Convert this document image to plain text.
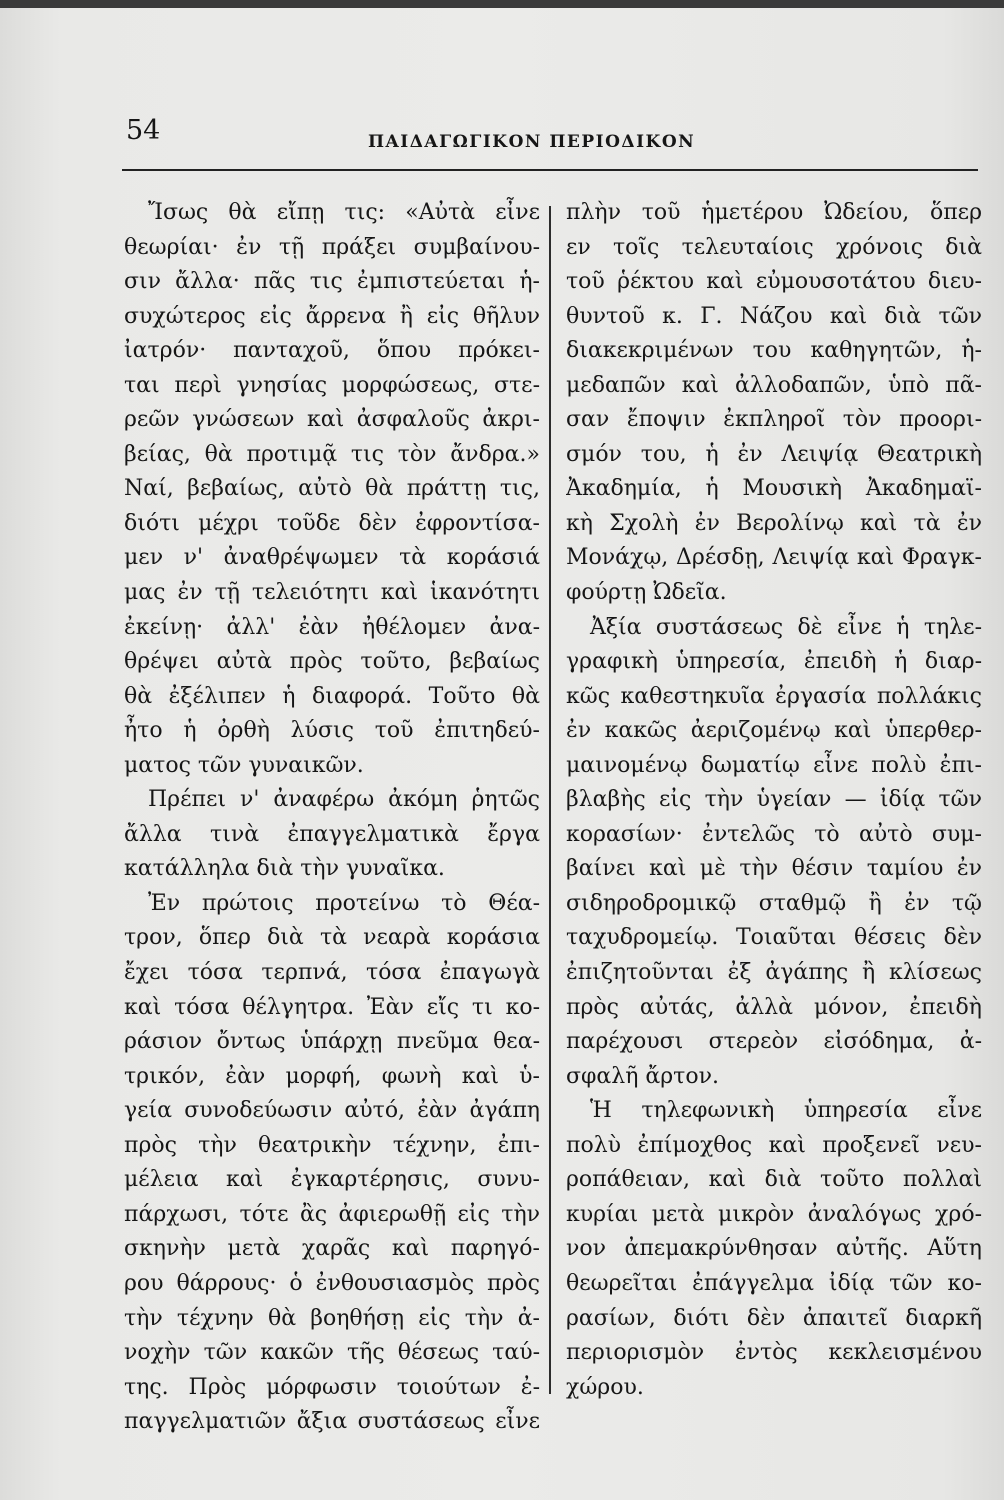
54	ΠΑΙΔΑΓΩΓΙΚΟΝ ΠΕΡΙΟΔΙΚΟΝ
Ἴσως θὰ εἴπῃ τις: «Αὐτὰ εἶνε
θεωρίαι· ἐν τῇ πράξει συμβαίνου-
σιν ἄλλα· πᾶς τις ἐμπιστεύεται ἡ-
συχώτερος εἰς ἄρρενα ἢ εἰς θῆλυν
ἰατρόν· πανταχοῦ, ὅπου πρόκει-
ται περὶ γνησίας μορφώσεως, στε-
ρεῶν γνώσεων καὶ ἀσφαλοῦς ἀκρι-
βείας, θὰ προτιμᾷ τις τὸν ἄνδρα.»
Ναί, βεβαίως, αὐτὸ θὰ πράττῃ τις,
διότι μέχρι τοῦδε δὲν ἐφροντίσα-
μεν ν' ἀναθρέψωμεν τὰ κοράσιά
μας ἐν τῇ τελειότητι καὶ ἱκανότητι
ἐκείνῃ· ἀλλ' ἐὰν ἠθέλομεν ἀνα-
θρέψει αὐτὰ πρὸς τοῦτο, βεβαίως
θὰ ἐξέλιπεν ἡ διαφορά. Τοῦτο θὰ
ἦτο ἡ ὀρθὴ λύσις τοῦ ἐπιτηδεύ-
ματος τῶν γυναικῶν.
Πρέπει ν' ἀναφέρω ἀκόμη ῥητῶς
ἄλλα τινὰ ἐπαγγελματικὰ ἔργα
κατάλληλα διὰ τὴν γυναῖκα.
Ἐν πρώτοις προτείνω τὸ Θέα-
τρον, ὅπερ διὰ τὰ νεαρὰ κοράσια
ἔχει τόσα τερπνά, τόσα ἐπαγωγὰ
καὶ τόσα θέλγητρα. Ἐὰν εἴς τι κο-
ράσιον ὄντως ὑπάρχῃ πνεῦμα θεα-
τρικόν, ἐὰν μορφή, φωνὴ καὶ ὑ-
γεία συνοδεύωσιν αὐτό, ἐὰν ἀγάπη
πρὸς τὴν θεατρικὴν τέχνην, ἐπι-
μέλεια καὶ ἐγκαρτέρησις, συνυ-
πάρχωσι, τότε ἂς ἀφιερωθῇ εἰς τὴν
σκηνὴν μετὰ χαρᾶς καὶ παρηγό-
ρου θάρρους· ὁ ἐνθουσιασμὸς πρὸς
τὴν τέχνην θὰ βοηθήσῃ εἰς τὴν ἀ-
νοχὴν τῶν κακῶν τῆς θέσεως ταύ-
της. Πρὸς μόρφωσιν τοιούτων ἐ-
παγγελματιῶν ἄξια συστάσεως εἶνε
πλὴν τοῦ ἡμετέρου Ὠδείου, ὅπερ
εν τοῖς τελευταίοις χρόνοις διὰ
τοῦ ῥέκτου καὶ εὐμουσοτάτου διευ-
θυντοῦ κ. Γ. Νάζου καὶ διὰ τῶν
διακεκριμένων του καθηγητῶν, ἡ-
μεδαπῶν καὶ ἀλλοδαπῶν, ὑπὸ πᾶ-
σαν ἔποψιν ἐκπληροῖ τὸν προορι-
σμόν του, ἡ ἐν Λειψίᾳ Θεατρικὴ
Ἀκαδημία, ἡ Μουσικὴ Ἀκαδημαϊ-
κὴ Σχολὴ ἐν Βερολίνῳ καὶ τὰ ἐν
Μονάχῳ, Δρέσδῃ, Λειψίᾳ καὶ Φραγκ-
φούρτῃ Ὠδεῖα.
Ἀξία συστάσεως δὲ εἶνε ἡ τηλε-
γραφικὴ ὑπηρεσία, ἐπειδὴ ἡ διαρ-
κῶς καθεστηκυῖα ἐργασία πολλάκις
ἐν κακῶς ἀεριζομένῳ καὶ ὑπερθερ-
μαινομένῳ δωματίῳ εἶνε πολὺ ἐπι-
βλαβὴς εἰς τὴν ὑγείαν — ἰδίᾳ τῶν
κορασίων· ἐντελῶς τὸ αὐτὸ συμ-
βαίνει καὶ μὲ τὴν θέσιν ταμίου ἐν
σιδηροδρομικῷ σταθμῷ ἢ ἐν τῷ
ταχυδρομείῳ. Τοιαῦται θέσεις δὲν
ἐπιζητοῦνται ἐξ ἀγάπης ἢ κλίσεως
πρὸς αὐτάς, ἀλλὰ μόνον, ἐπειδὴ
παρέχουσι στερεὸν εἰσόδημα, ἀ-
σφαλῆ ἄρτον.
Ἡ τηλεφωνικὴ ὑπηρεσία εἶνε
πολὺ ἐπίμοχθος καὶ προξενεῖ νευ-
ροπάθειαν, καὶ διὰ τοῦτο πολλαὶ
κυρίαι μετὰ μικρὸν ἀναλόγως χρό-
νον ἀπεμακρύνθησαν αὐτῆς. Αὕτη
θεωρεῖται ἐπάγγελμα ἰδίᾳ τῶν κο-
ρασίων, διότι δὲν ἀπαιτεῖ διαρκῆ
περιορισμὸν ἐντὸς κεκλεισμένου
χώρου.
